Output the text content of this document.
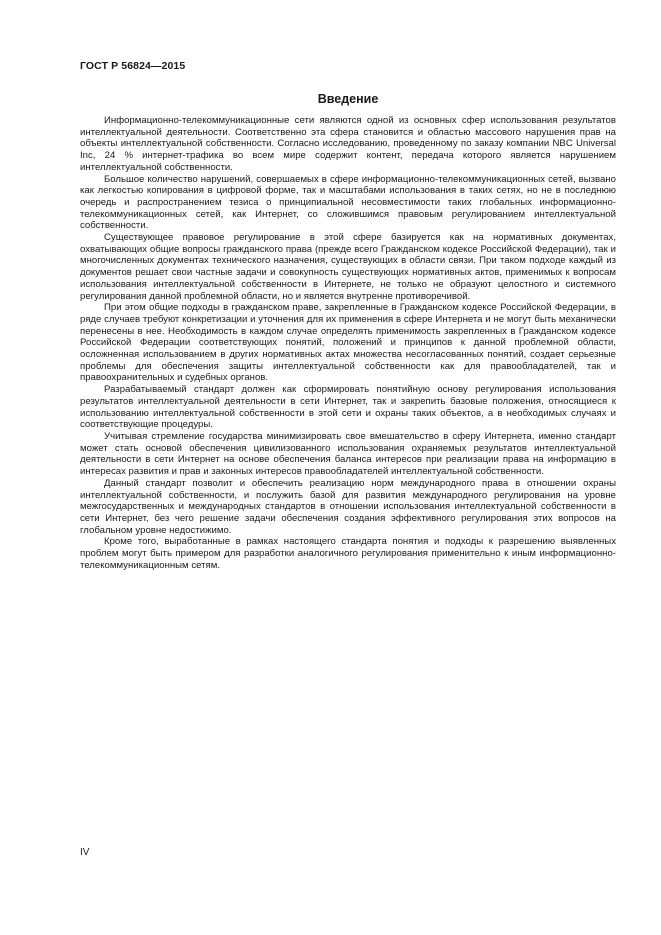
ГОСТ Р 56824—2015
Введение

Информационно-телекоммуникационные сети являются одной из основных сфер использования результатов интеллектуальной деятельности. Соответственно эта сфера становится и областью массового нарушения прав на объекты интеллектуальной собственности. Согласно исследованию, проведенному по заказу компании NBC Universal Inc, 24 % интернет-трафика во всем мире содержит контент, передача которого является нарушением интеллектуальной собственности.

Большое количество нарушений, совершаемых в сфере информационно-телекоммуникационных сетей, вызвано как легкостью копирования в цифровой форме, так и масштабами использования в таких сетях, но не в последнюю очередь и распространением тезиса о принципиальной несовместимости таких глобальных информационно-телекоммуникационных сетей, как Интернет, со сложившимся правовым регулированием интеллектуальной собственности.

Существующее правовое регулирование в этой сфере базируется как на нормативных документах, охватывающих общие вопросы гражданского права (прежде всего Гражданском кодексе Российской Федерации), так и многочисленных документах технического назначения, существующих в области связи. При таком подходе каждый из документов решает свои частные задачи и совокупность существующих нормативных актов, применимых к вопросам использования интеллектуальной собственности в Интернете, не только не образуют целостного и системного регулирования данной проблемной области, но и является внутренне противоречивой.

При этом общие подходы в гражданском праве, закрепленные в Гражданском кодексе Российской Федерации, в ряде случаев требуют конкретизации и уточнения для их применения в сфере Интернета и не могут быть механически перенесены в нее. Необходимость в каждом случае определять применимость закрепленных в Гражданском кодексе Российской Федерации соответствующих понятий, положений и принципов к данной проблемной области, осложненная использованием в других нормативных актах множества несогласованных понятий, создает серьезные проблемы для обеспечения защиты интеллектуальной собственности как для правообладателей, так и правоохранительных и судебных органов.

Разрабатываемый стандарт должен как сформировать понятийную основу регулирования использования результатов интеллектуальной деятельности в сети Интернет, так и закрепить базовые положения, относящиеся к использованию интеллектуальной собственности в этой сети и охраны таких объектов, а в необходимых случаях и соответствующие процедуры.

Учитывая стремление государства минимизировать свое вмешательство в сферу Интернета, именно стандарт может стать основой обеспечения цивилизованного использования охраняемых результатов интеллектуальной деятельности в сети Интернет на основе обеспечения баланса интересов при реализации права на информацию в интересах развития и прав и законных интересов правообладателей интеллектуальной собственности.

Данный стандарт позволит и обеспечить реализацию норм международного права в отношении охраны интеллектуальной собственности, и послужить базой для развития международного регулирования на уровне межгосударственных и международных стандартов в отношении использования интеллектуальной собственности в сети Интернет, без чего решение задачи обеспечения создания эффективного регулирования этих вопросов на глобальном уровне недостижимо.

Кроме того, выработанные в рамках настоящего стандарта понятия и подходы к разрешению выявленных проблем могут быть примером для разработки аналогичного регулирования применительно к иным информационно-телекоммуникационным сетям.

IV
